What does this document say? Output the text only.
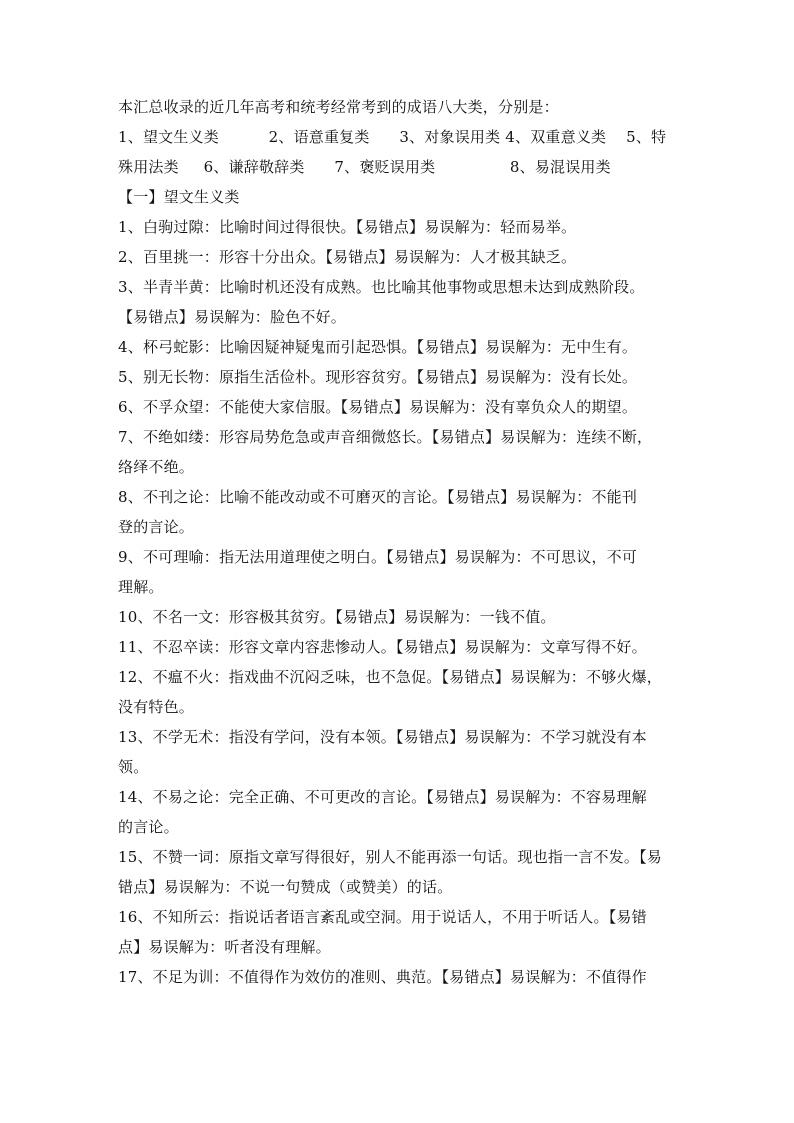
本汇总收录的近几年高考和统考经常考到的成语八大类，分别是：
1、望文生义类          2、语意重复类      3、对象误用类 4、双重意义类    5、特
殊用法类     6、谦辞敬辞类      7、褒贬误用类               8、易混误用类
【一】望文生义类
1、白驹过隙：比喻时间过得很快。【易错点】易误解为：轻而易举。
2、百里挑一：形容十分出众。【易错点】易误解为：人才极其缺乏。
3、半青半黄：比喻时机还没有成熟。也比喻其他事物或思想未达到成熟阶段。
【易错点】易误解为：脸色不好。
4、杯弓蛇影：比喻因疑神疑鬼而引起恐惧。【易错点】易误解为：无中生有。
5、别无长物：原指生活俭朴。现形容贫穷。【易错点】易误解为：没有长处。
6、不孚众望：不能使大家信服。【易错点】易误解为：没有辜负众人的期望。
7、不绝如缕：形容局势危急或声音细微悠长。【易错点】易误解为：连续不断，
络绎不绝。
8、不刊之论：比喻不能改动或不可磨灭的言论。【易错点】易误解为：不能刊
登的言论。
9、不可理喻：指无法用道理使之明白。【易错点】易误解为：不可思议，不可
理解。
10、不名一文：形容极其贫穷。【易错点】易误解为：一钱不值。
11、不忍卒读：形容文章内容悲惨动人。【易错点】易误解为：文章写得不好。
12、不瘟不火：指戏曲不沉闷乏味，也不急促。【易错点】易误解为：不够火爆，
没有特色。
13、不学无术：指没有学问，没有本领。【易错点】易误解为：不学习就没有本
领。
14、不易之论：完全正确、不可更改的言论。【易错点】易误解为：不容易理解
的言论。
15、不赞一词：原指文章写得很好，别人不能再添一句话。现也指一言不发。【易
错点】易误解为：不说一句赞成（或赞美）的话。
16、不知所云：指说话者语言紊乱或空洞。用于说话人，不用于听话人。【易错
点】易误解为：听者没有理解。
17、不足为训：不值得作为效仿的准则、典范。【易错点】易误解为：不值得作
